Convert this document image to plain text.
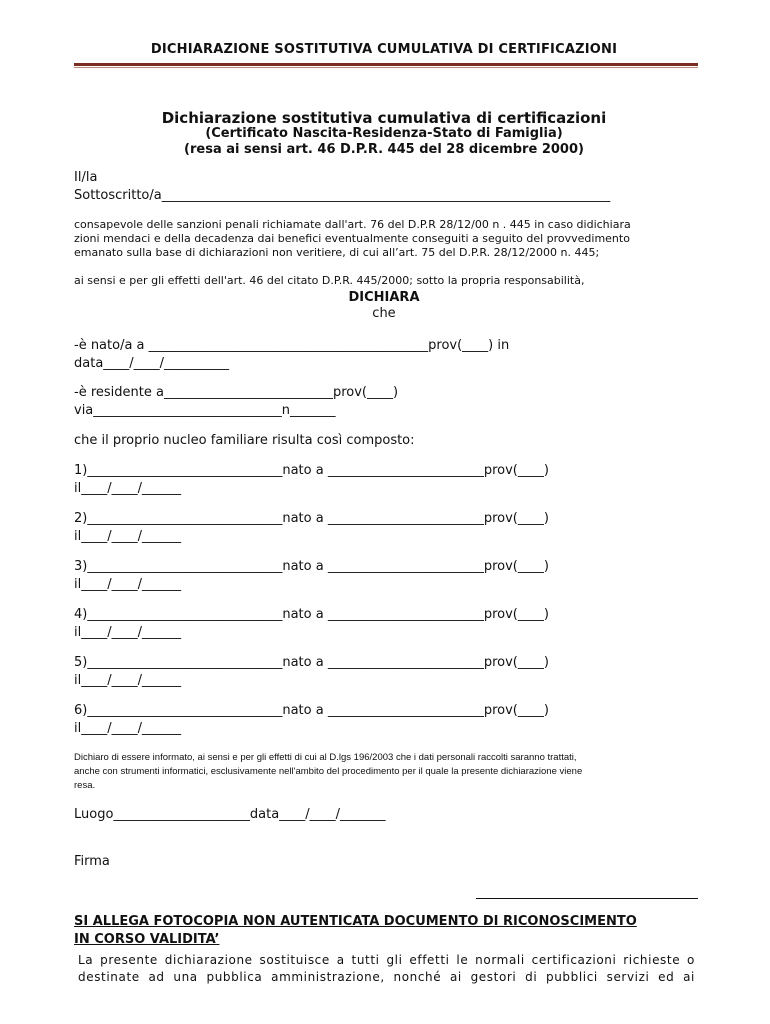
DICHIARAZIONE SOSTITUTIVA CUMULATIVA DI CERTIFICAZIONI
Dichiarazione sostitutiva cumulativa di certificazioni
(Certificato Nascita-Residenza-Stato di Famiglia)
(resa ai sensi art. 46 D.P.R. 445 del 28 dicembre 2000)
Il/la
Sottoscritto/a_____________________________________________________________________
consapevole delle sanzioni penali richiamate dall'art. 76 del D.P.R 28/12/00 n . 445 in caso didichiara
zioni mendaci e della decadenza dai benefici eventualmente conseguiti a seguito del provvedimento
emanato sulla base di dichiarazioni non veritiere, di cui all’art. 75 del D.P.R. 28/12/2000 n. 445;
ai sensi e per gli effetti dell'art. 46 del citato D.P.R. 445/2000; sotto la propria responsabilità,
DICHIARA
che
-è nato/a a ___________________________________________prov(____) in
data____/____/__________
-è residente a__________________________prov(____)
via_____________________________n_______
che il proprio nucleo familiare risulta così composto:
1)______________________________nato a ________________________prov(____)
il____/____/______
2)______________________________nato a ________________________prov(____)
il____/____/______
3)______________________________nato a ________________________prov(____)
il____/____/______
4)______________________________nato a ________________________prov(____)
il____/____/______
5)______________________________nato a ________________________prov(____)
il____/____/______
6)______________________________nato a ________________________prov(____)
il____/____/______
Dichiaro di essere informato, ai sensi e per gli effetti di cui al D.lgs 196/2003 che i dati personali raccolti saranno trattati,
anche con strumenti informatici, esclusivamente nell'ambito del procedimento per il quale la presente dichiarazione viene
resa.
Luogo_____________________data____/____/_______
Firma
SI ALLEGA FOTOCOPIA NON AUTENTICATA DOCUMENTO DI RICONOSCIMENTO
IN CORSO VALIDITA’
La presente dichiarazione sostituisce a tutti gli effetti le normali certificazioni richieste o
destinate ad una pubblica amministrazione, nonché ai gestori di pubblici servizi ed ai
